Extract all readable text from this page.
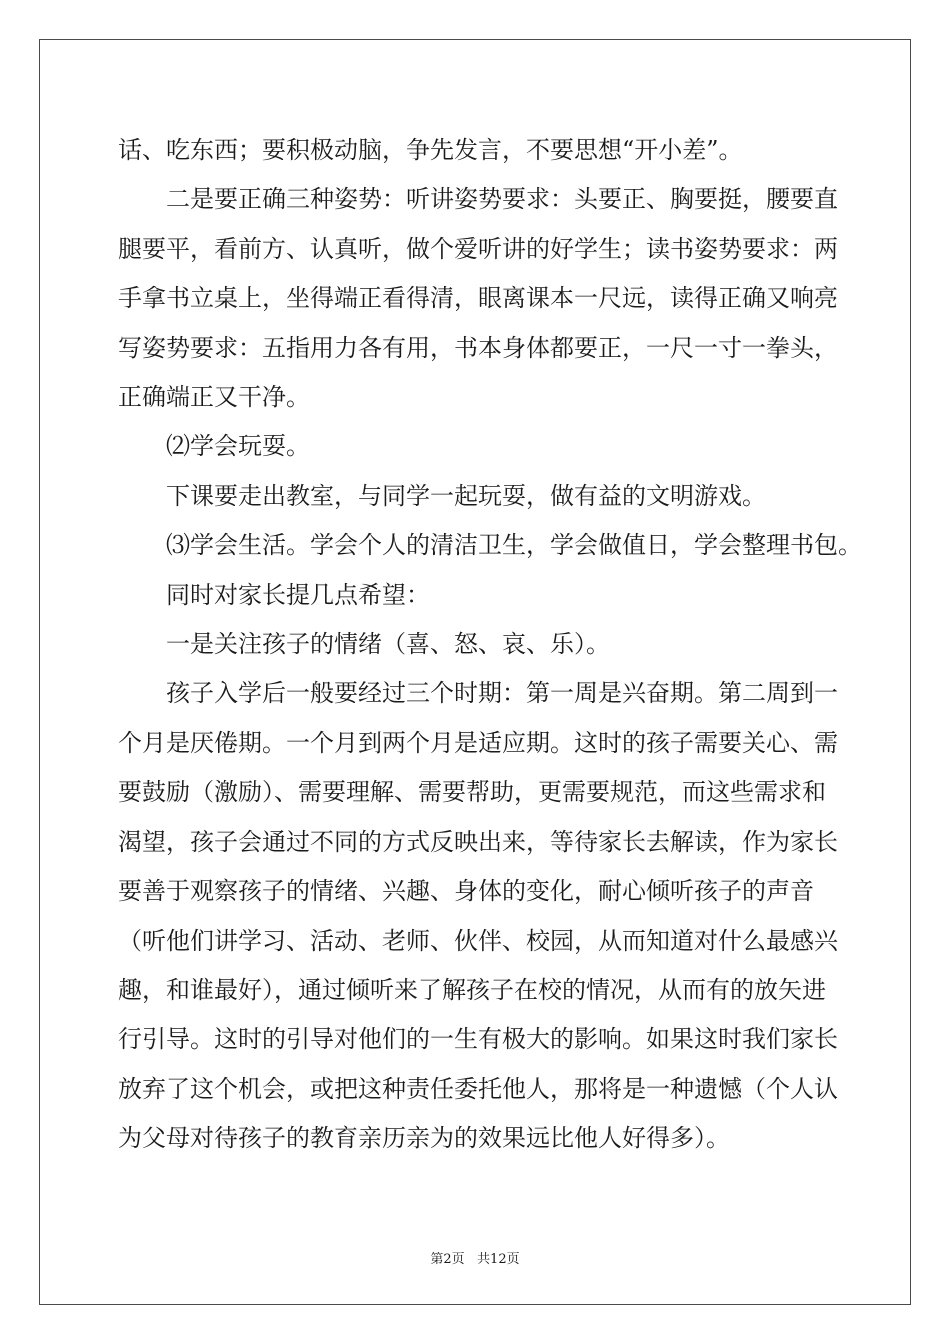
话、吃东西；要积极动脑，争先发言，不要思想“开小差”。

二是要正确三种姿势：听讲姿势要求：头要正、胸要挺，腰要直

腿要平，看前方、认真听，做个爱听讲的好学生；读书姿势要求：两

手拿书立桌上，坐得端正看得清，眼离课本一尺远，读得正确又响亮

写姿势要求：五指用力各有用，书本身体都要正，一尺一寸一拳头，

正确端正又干净。

⑵学会玩耍。

下课要走出教室，与同学一起玩耍，做有益的文明游戏。

⑶学会生活。学会个人的清洁卫生，学会做值日，学会整理书包。

同时对家长提几点希望：

一是关注孩子的情绪（喜、怒、哀、乐）。

孩子入学后一般要经过三个时期：第一周是兴奋期。第二周到一

个月是厌倦期。一个月到两个月是适应期。这时的孩子需要关心、需

要鼓励（激励）、需要理解、需要帮助，更需要规范，而这些需求和

渴望，孩子会通过不同的方式反映出来，等待家长去解读，作为家长

要善于观察孩子的情绪、兴趣、身体的变化，耐心倾听孩子的声音

（听他们讲学习、活动、老师、伙伴、校园，从而知道对什么最感兴

趣，和谁最好），通过倾听来了解孩子在校的情况，从而有的放矢进

行引导。这时的引导对他们的一生有极大的影响。如果这时我们家长

放弃了这个机会，或把这种责任委托他人，那将是一种遗憾（个人认

为父母对待孩子的教育亲历亲为的效果远比他人好得多）。

第2页   共12页
